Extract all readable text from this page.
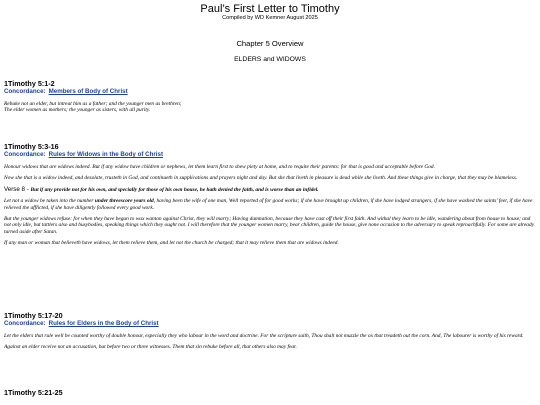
Paul’s First Letter to Timothy
Compiled by WD Kemner August 2025
Chapter 5 Overview
ELDERS and WIDOWS
1Timothy 5:1-2
Concordance: Members of Body of Christ

Rebuke not an elder, but intreat him as a father; and the younger men as brethren;

The elder women as mothers; the younger as sisters, with all purity.

1Timothy 5:3-16
Concordance: Rules for Widows in the Body of Christ

Honour widows that are widows indeed. But if any widow have children or nephews, let them learn first to shew piety at home, and to requite their parents: for that is good and acceptable before God.

Now she that is a widow indeed, and desolate, trusteth in God, and continueth in supplications and prayers night and day. But she that liveth in pleasure is dead while she liveth. And these things give in charge, that they may be blameless.

Verse 8 - But if any provide not for his own, and specially for those of his own house, he hath denied the faith, and is worse than an infidel.

Let not a widow be taken into the number under threescore years old, having been the wife of one man, Well reported of for good works; if she have brought up children, if she have lodged strangers, if she have washed the saints' feet, if she have relieved the afflicted, if she have diligently followed every good work.

But the younger widows refuse: for when they have begun to wax wanton against Christ, they will marry; Having damnation, because they have cast off their first faith. And withal they learn to be idle, wandering about from house to house; and not only idle, but tattlers also and busybodies, speaking things which they ought not. I will therefore that the younger women marry, bear children, guide the house, give none occasion to the adversary to speak reproachfully. For some are already turned aside after Satan.

If any man or woman that believeth have widows, let them relieve them, and let not the church be charged; that it may relieve them that are widows indeed.

1Timothy 5:17-20
Concordance: Rules for Elders in the Body of Christ

Let the elders that rule well be counted worthy of double honour, especially they who labour in the word and doctrine. For the scripture saith, Thou shalt not muzzle the ox that treadeth out the corn. And, The labourer is worthy of his reward.

Against an elder receive not an accusation, but before two or three witnesses. Them that sin rebuke before all, that others also may fear.

1Timothy 5:21-25
